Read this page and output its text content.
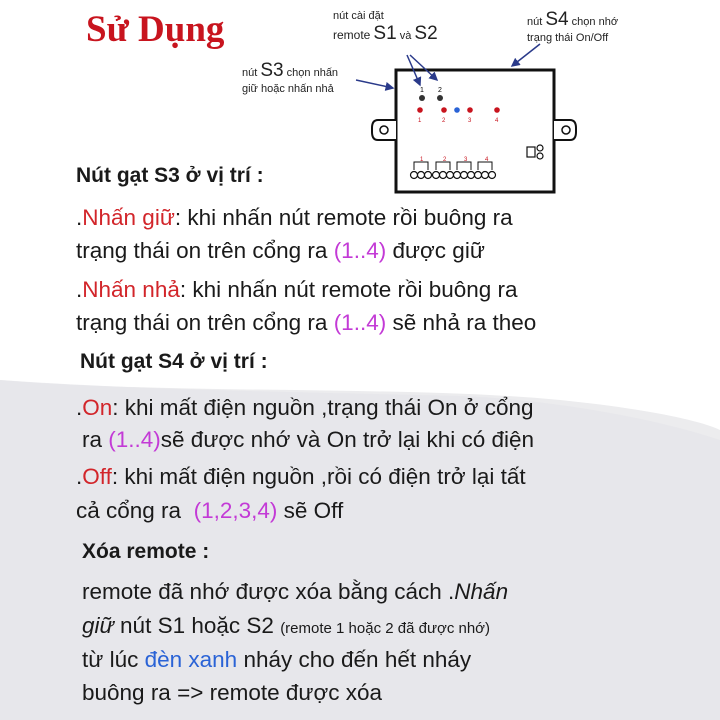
Sử Dụng	nút cài đặt
remote S1 và S2
nút S4 chọn nhớ
trạng thái On/Off
nút S3 chọn nhấn
giữ hoặc nhấn nhả	1 2
1	2	3	4
1	2	3	4
Nút gạt S3 ở vị trí :
.Nhấn giữ: khi nhấn nút remote rồi buông ra
trạng thái on trên cổng ra (1..4) được giữ
.Nhấn nhả: khi nhấn nút remote rồi buông ra
trạng thái on trên cổng ra (1..4) sẽ nhả ra theo
Nút gạt S4 ở vị trí :
.On: khi mất điện nguồn ,trạng thái On ở cổng
ra (1..4)sẽ được nhớ và On trở lại khi có điện
.Off: khi mất điện nguồn ,rồi có điện trở lại tất
cả cổng ra (1,2,3,4) sẽ Off
Xóa remote :
remote đã nhớ được xóa bằng cách .Nhấn
giữ nút S1 hoặc S2 (remote 1 hoặc 2 đã được nhớ)
từ lúc đèn xanh nháy cho đến hết nháy
buông ra => remote được xóa
